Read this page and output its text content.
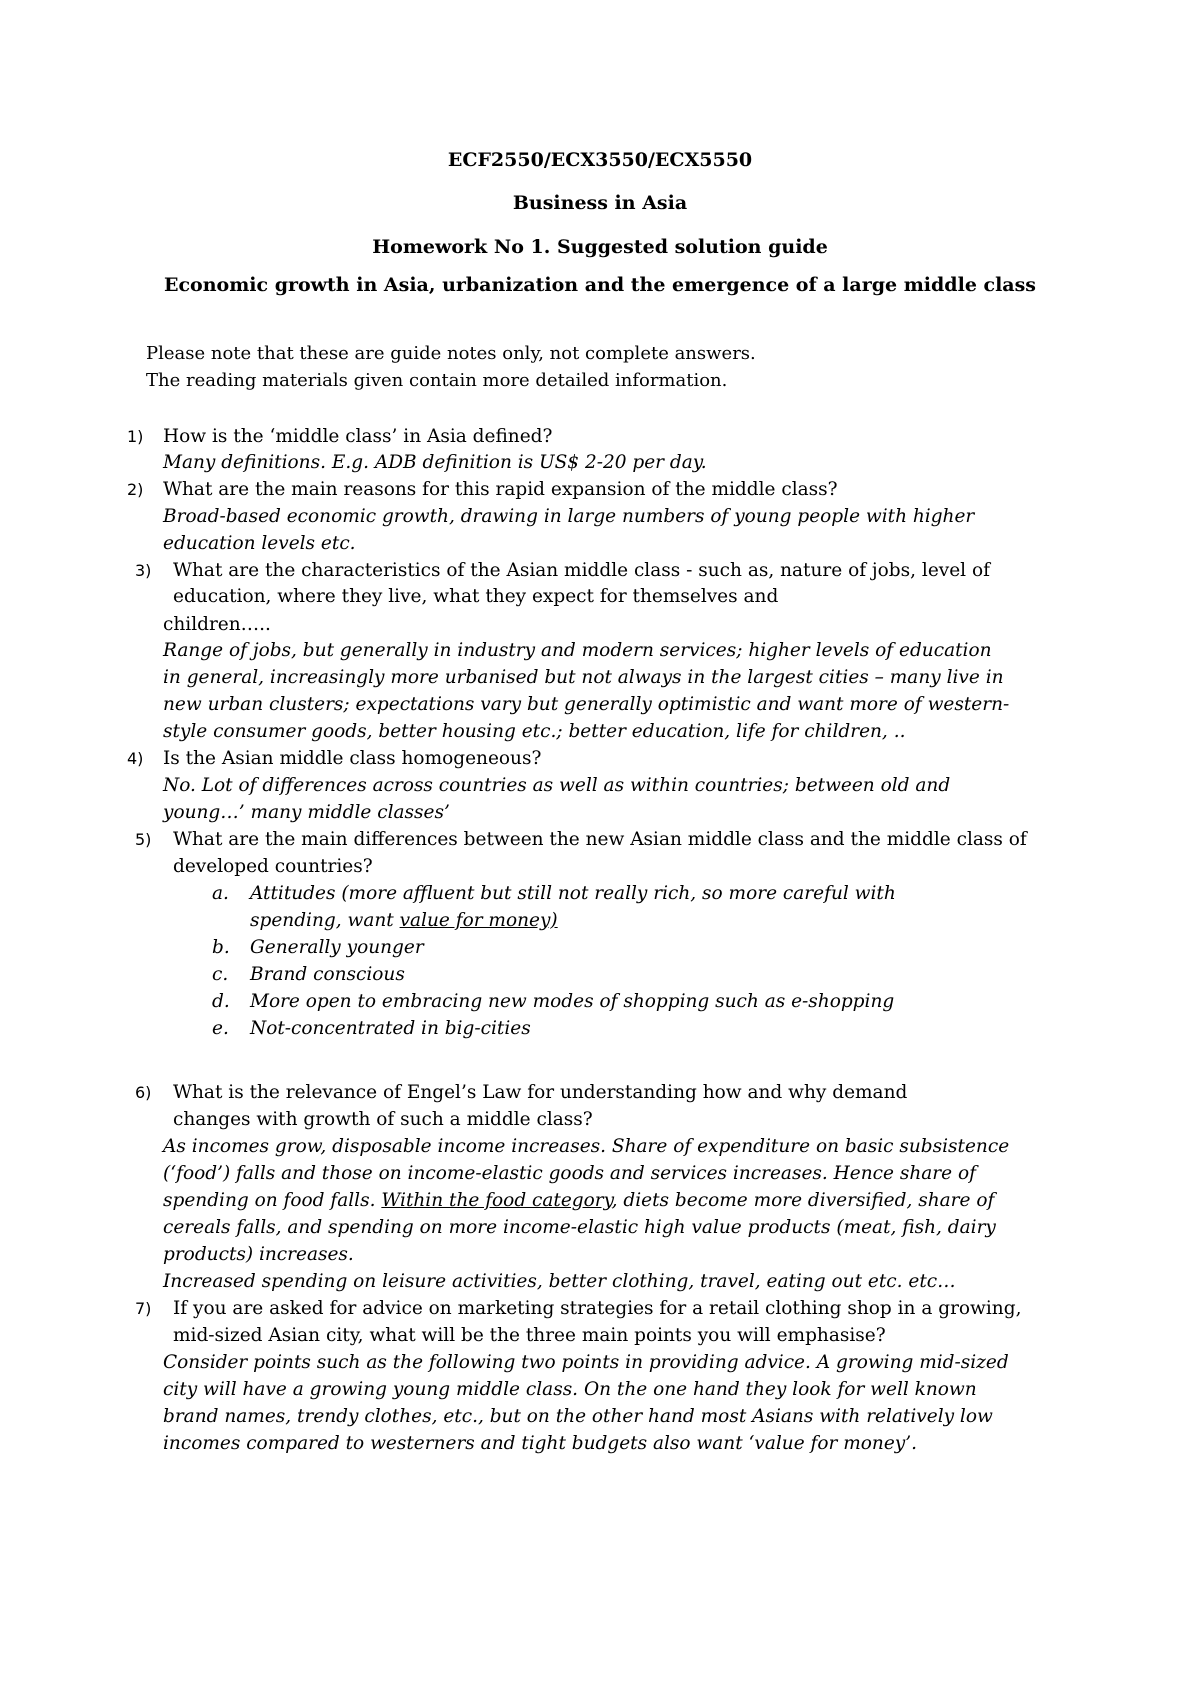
ECF2550/ECX3550/ECX5550
Business in Asia
Homework No 1. Suggested solution guide
Economic growth in Asia, urbanization and the emergence of a large middle class
Please note that these are guide notes only, not complete answers.
The reading materials given contain more detailed information.
1) How is the ‘middle class’ in Asia defined?
Many definitions. E.g. ADB definition is US$ 2-20 per day.
2) What are the main reasons for this rapid expansion of the middle class?
Broad-based economic growth, drawing in large numbers of young people with higher
education levels etc.
3) What are the characteristics of the Asian middle class - such as, nature of jobs, level of
education, where they live, what they expect for themselves and
children…..
Range of jobs, but generally in industry and modern services; higher levels of education
in general, increasingly more urbanised but not always in the largest cities – many live in
new urban clusters; expectations vary but generally optimistic and want more of western-
style consumer goods, better housing etc.; better education, life for children, ..
4) Is the Asian middle class homogeneous?
No. Lot of differences across countries as well as within countries; between old and
young…’ many middle classes’
5) What are the main differences between the new Asian middle class and the middle class of
developed countries?
a. Attitudes (more affluent but still not really rich, so more careful with
spending, want value for money)
b. Generally younger
c. Brand conscious
d. More open to embracing new modes of shopping such as e-shopping
e. Not-concentrated in big-cities
6) What is the relevance of Engel’s Law for understanding how and why demand
changes with growth of such a middle class?
As incomes grow, disposable income increases. Share of expenditure on basic subsistence
(‘food’) falls and those on income-elastic goods and services increases. Hence share of
spending on food falls. Within the food category, diets become more diversified, share of
cereals falls, and spending on more income-elastic high value products (meat, fish, dairy
products) increases.
Increased spending on leisure activities, better clothing, travel, eating out etc. etc…
7) If you are asked for advice on marketing strategies for a retail clothing shop in a growing,
mid-sized Asian city, what will be the three main points you will emphasise?
Consider points such as the following two points in providing advice. A growing mid-sized
city will have a growing young middle class. On the one hand they look for well known
brand names, trendy clothes, etc., but on the other hand most Asians with relatively low
incomes compared to westerners and tight budgets also want ‘value for money’.
